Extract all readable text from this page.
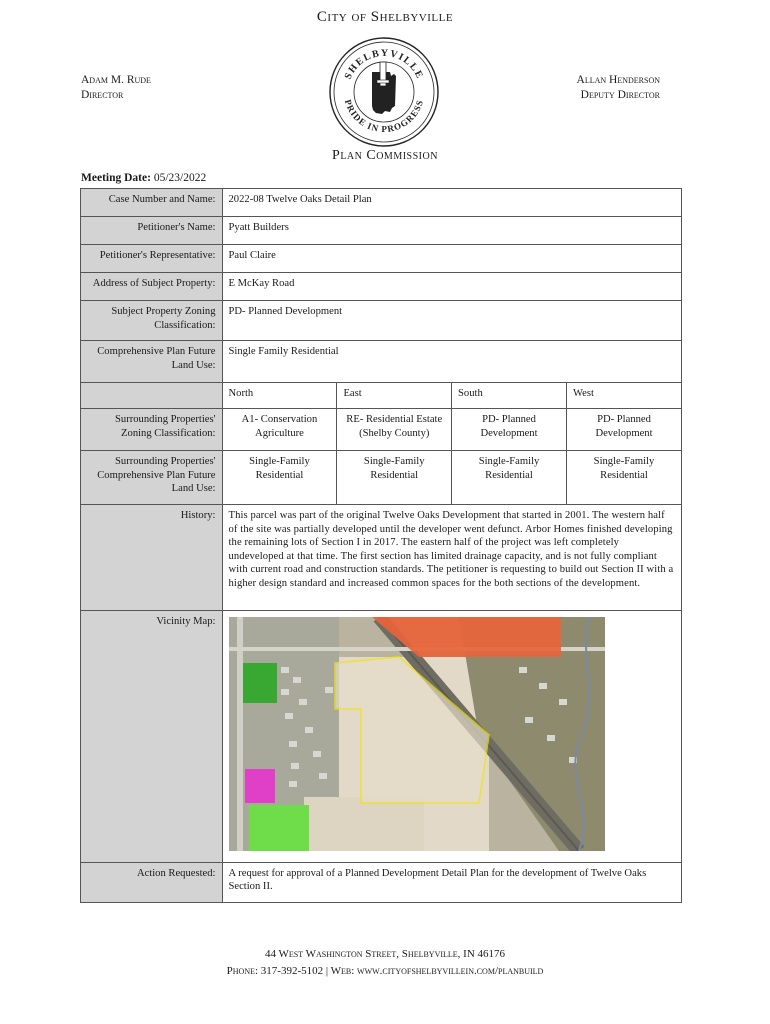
City of Shelbyville
Adam M. Rude
Director
Allan Henderson
Deputy Director
SHELBYVILLE
PRIDE IN PROGRESS
Plan Commission
Meeting Date: 05/23/2022
Case Number and Name:	2022-08 Twelve Oaks Detail Plan			
Petitioner's Name:	Pyatt Builders			
Petitioner's Representative:	Paul Claire			
Address of Subject Property:	E McKay Road			
Subject Property Zoning Classification:	PD- Planned Development			
Comprehensive Plan Future Land Use:	Single Family Residential			
	North	East	South	West
Surrounding Properties' Zoning Classification:	A1- Conservation Agriculture	RE- Residential Estate (Shelby County)	PD- Planned Development	PD- Planned Development
Surrounding Properties' Comprehensive Plan Future Land Use:	Single-Family Residential	Single-Family Residential	Single-Family Residential	Single-Family Residential
History:	This parcel was part of the original Twelve Oaks Development that started in 2001. The western half of the site was partially developed until the developer went defunct. Arbor Homes finished developing the remaining lots of Section I in 2017. The eastern half of the project was left completely undeveloped at that time. The first section has limited drainage capacity, and is not fully compliant with current road and construction standards. The petitioner is requesting to build out Section II with a higher design standard and increased common spaces for the both sections of the development.			
Vicinity Map:	
Action Requested:	A request for approval of a Planned Development Detail Plan for the development of Twelve Oaks Section II.			
44 West Washington Street, Shelbyville, IN 46176
Phone: 317-392-5102 | Web: www.cityofshelbyvillein.com/planbuild
